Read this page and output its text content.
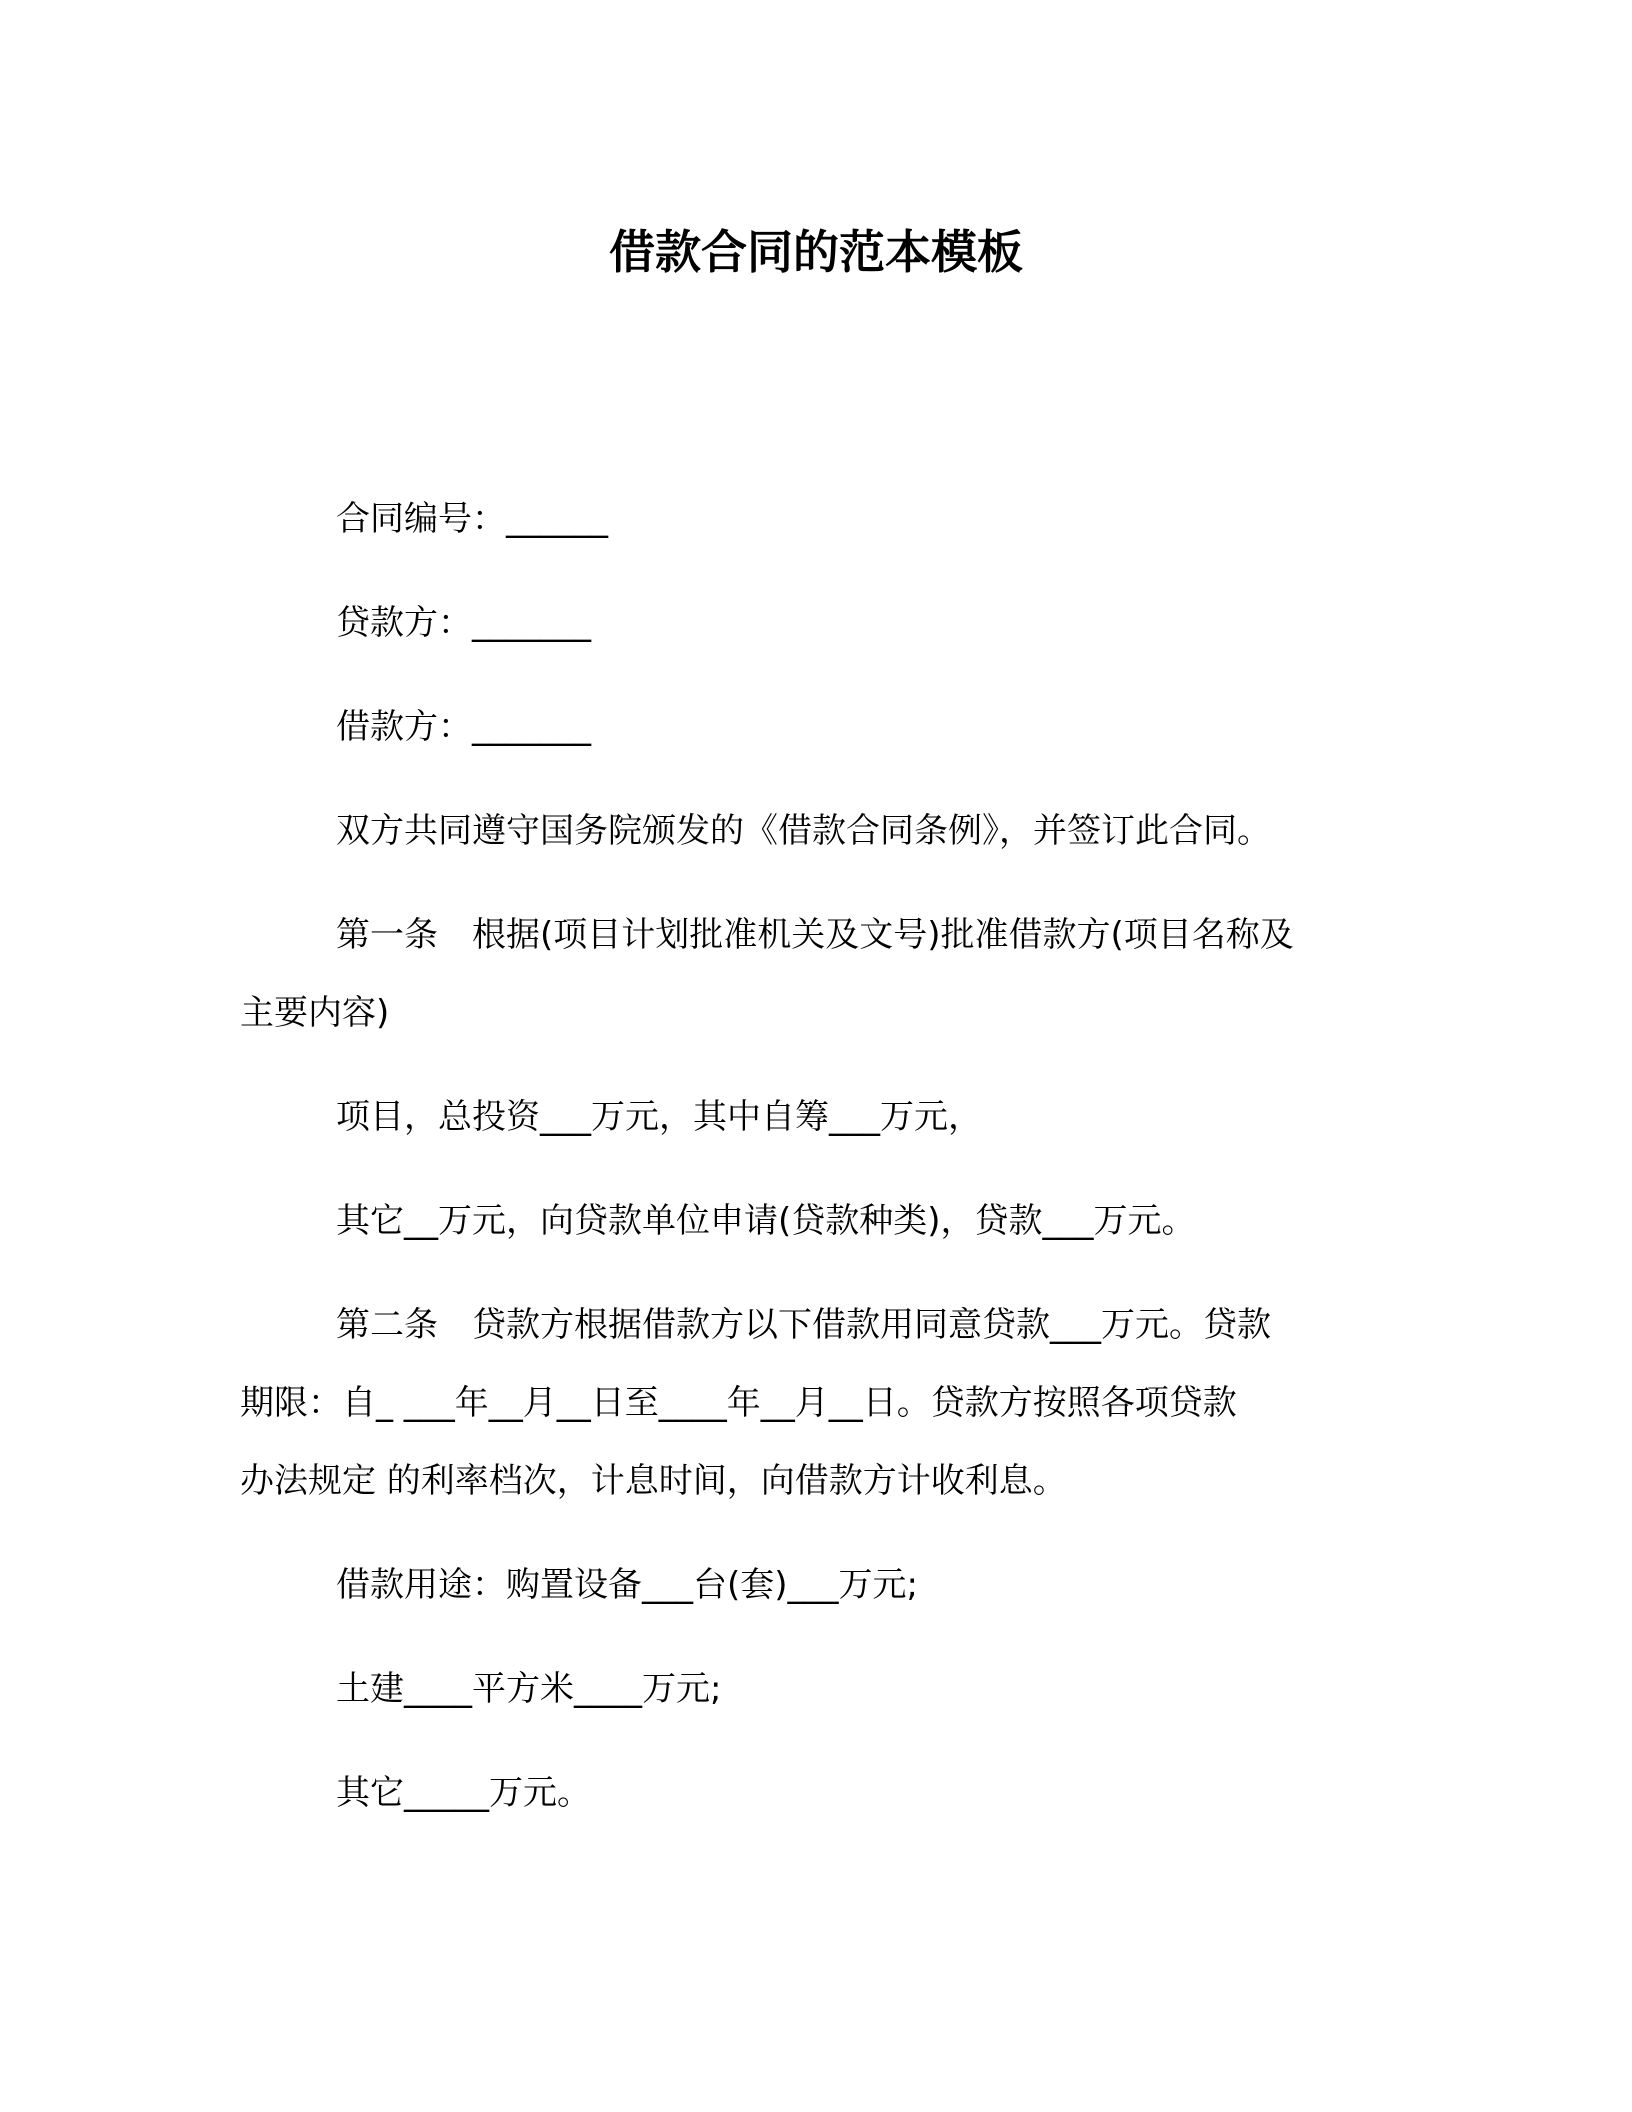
借款合同的范本模板
合同编号：______
贷款方：_______
借款方：_______
双方共同遵守国务院颁发的《借款合同条例》，并签订此合同。
第一条　根据(项目计划批准机关及文号)批准借款方(项目名称及
主要内容)
项目，总投资___万元，其中自筹___万元，
其它__万元，向贷款单位申请(贷款种类)，贷款___万元。
第二条　贷款方根据借款方以下借款用同意贷款___万元。贷款
期限：自_ ___年__月__日至____年__月__日。贷款方按照各项贷款
办法规定 的利率档次，计息时间，向借款方计收利息。
借款用途：购置设备___台(套)___万元;
土建____平方米____万元;
其它_____万元。
